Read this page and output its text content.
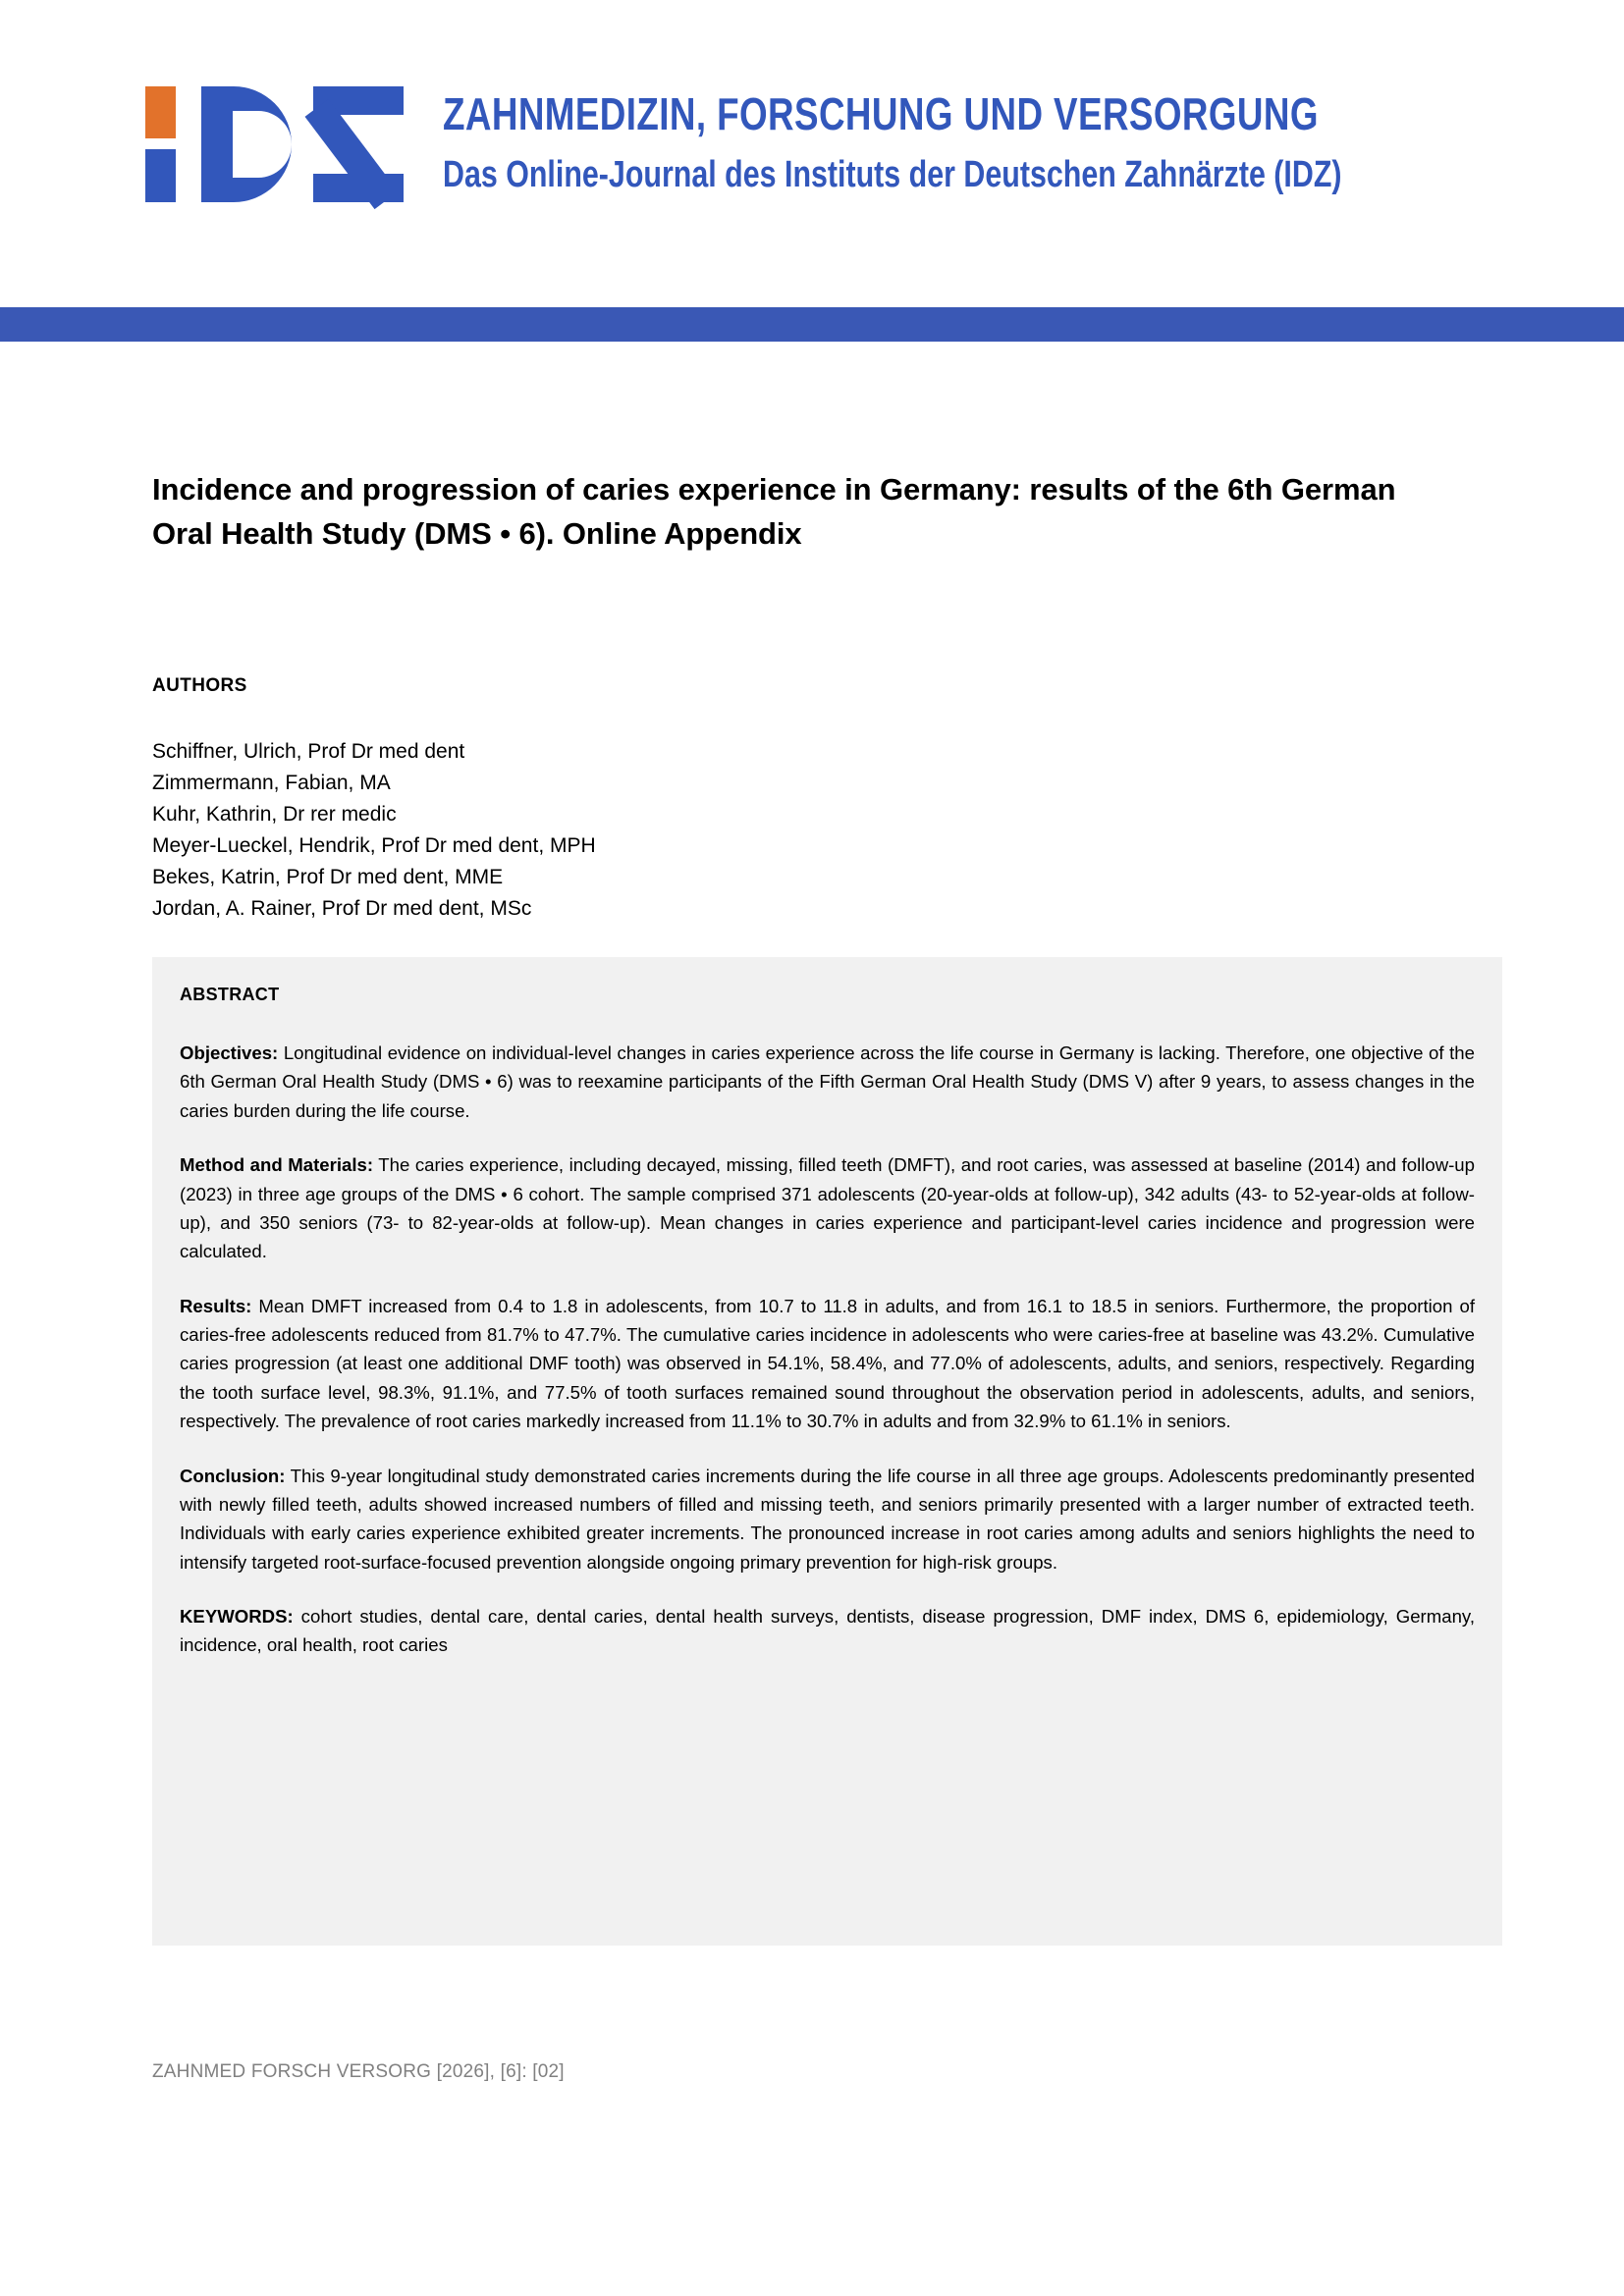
ZAHNMEDIZIN, FORSCHUNG UND VERSORGUNG
Das Online-Journal des Instituts der Deutschen Zahnärzte (IDZ)
Incidence and progression of caries experience in Germany: results of the 6th German Oral Health Study (DMS • 6). Online Appendix
AUTHORS
Schiffner, Ulrich, Prof Dr med dent
Zimmermann, Fabian, MA
Kuhr, Kathrin, Dr rer medic
Meyer-Lueckel, Hendrik, Prof Dr med dent, MPH
Bekes, Katrin, Prof Dr med dent, MME
Jordan, A. Rainer, Prof Dr med dent, MSc
ABSTRACT

Objectives: Longitudinal evidence on individual-level changes in caries experience across the life course in Germany is lacking. Therefore, one objective of the 6th German Oral Health Study (DMS • 6) was to reexamine participants of the Fifth German Oral Health Study (DMS V) after 9 years, to assess changes in the caries burden during the life course.

Method and Materials: The caries experience, including decayed, missing, filled teeth (DMFT), and root caries, was assessed at baseline (2014) and follow-up (2023) in three age groups of the DMS • 6 cohort. The sample comprised 371 adolescents (20-year-olds at follow-up), 342 adults (43- to 52-year-olds at follow-up), and 350 seniors (73- to 82-year-olds at follow-up). Mean changes in caries experience and participant-level caries incidence and progression were calculated.

Results: Mean DMFT increased from 0.4 to 1.8 in adolescents, from 10.7 to 11.8 in adults, and from 16.1 to 18.5 in seniors. Furthermore, the proportion of caries-free adolescents reduced from 81.7% to 47.7%. The cumulative caries incidence in adolescents who were caries-free at baseline was 43.2%. Cumulative caries progression (at least one additional DMF tooth) was observed in 54.1%, 58.4%, and 77.0% of adolescents, adults, and seniors, respectively. Regarding the tooth surface level, 98.3%, 91.1%, and 77.5% of tooth surfaces remained sound throughout the observation period in adolescents, adults, and seniors, respectively. The prevalence of root caries markedly increased from 11.1% to 30.7% in adults and from 32.9% to 61.1% in seniors.

Conclusion: This 9-year longitudinal study demonstrated caries increments during the life course in all three age groups. Adolescents predominantly presented with newly filled teeth, adults showed increased numbers of filled and missing teeth, and seniors primarily presented with a larger number of extracted teeth. Individuals with early caries experience exhibited greater increments. The pronounced increase in root caries among adults and seniors highlights the need to intensify targeted root-surface-focused prevention alongside ongoing primary prevention for high-risk groups.

KEYWORDS: cohort studies, dental care, dental caries, dental health surveys, dentists, disease progression, DMF index, DMS 6, epidemiology, Germany, incidence, oral health, root caries

ZAHNMED FORSCH VERSORG [2026], [6]: [02]
